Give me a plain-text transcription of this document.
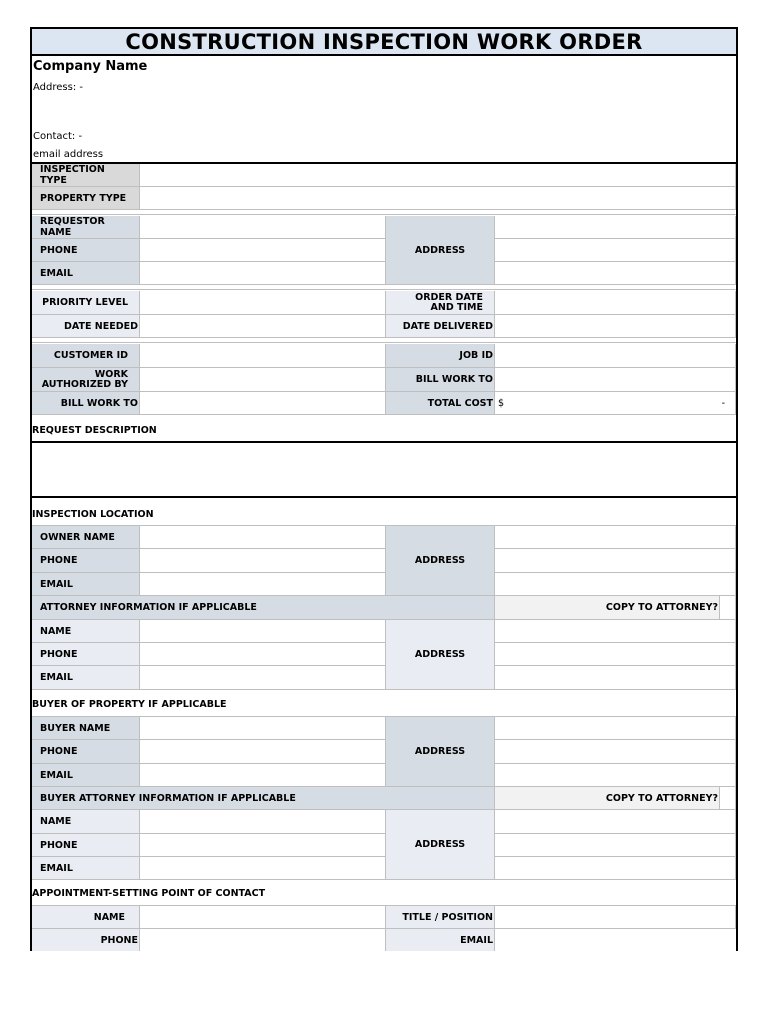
CONSTRUCTION INSPECTION WORK ORDER
Company Name
Address: -
Contact: -
email address
INSPECTION TYPE
PROPERTY TYPE
REQUESTOR NAME
PHONE
EMAIL
ADDRESS
PRIORITY LEVEL	ORDER DATE AND TIME
DATE NEEDED	DATE DELIVERED
CUSTOMER ID	JOB ID
WORK AUTHORIZED BY	BILL WORK TO
BILL WORK TO	TOTAL COST $	-
REQUEST DESCRIPTION
INSPECTION LOCATION
OWNER NAME
PHONE
EMAIL
ADDRESS
ATTORNEY INFORMATION IF APPLICABLE	COPY TO ATTORNEY?
NAME
PHONE
EMAIL
ADDRESS
BUYER OF PROPERTY IF APPLICABLE
BUYER NAME
PHONE
EMAIL
ADDRESS
BUYER ATTORNEY INFORMATION IF APPLICABLE	COPY TO ATTORNEY?
NAME
PHONE
EMAIL
ADDRESS
APPOINTMENT-SETTING POINT OF CONTACT
NAME	TITLE / POSITION
PHONE	EMAIL
